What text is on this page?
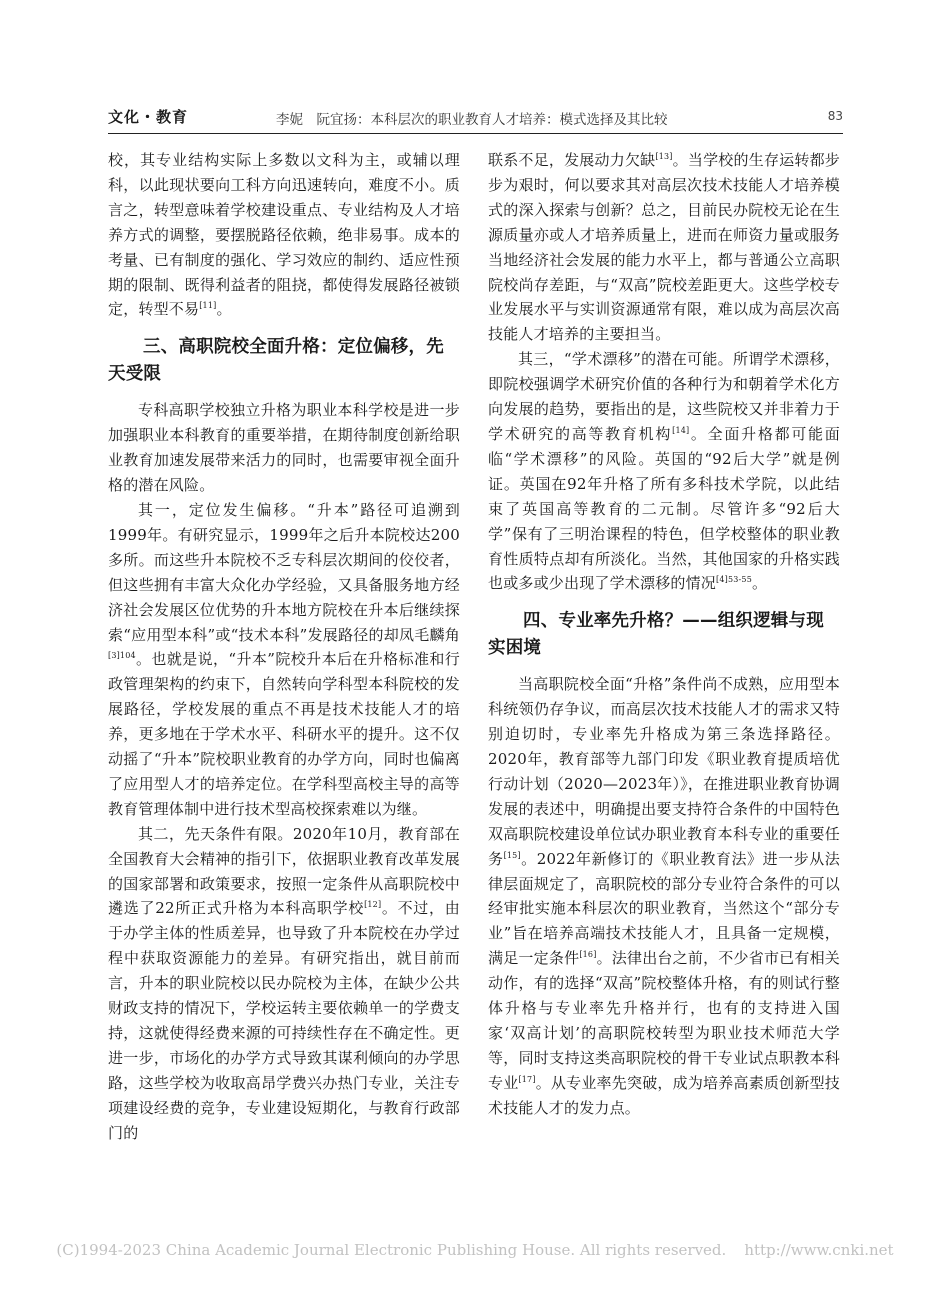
文化・教育	李妮　阮宜扬：本科层次的职业教育人才培养：模式选择及其比较	83

校，其专业结构实际上多数以文科为主，或辅以理科，以此现状要向工科方向迅速转向，难度不小。质言之，转型意味着学校建设重点、专业结构及人才培养方式的调整，要摆脱路径依赖，绝非易事。成本的考量、已有制度的强化、学习效应的制约、适应性预期的限制、既得利益者的阻挠，都使得发展路径被锁定，转型不易[11]。

三、高职院校全面升格：定位偏移，先天受限

专科高职学校独立升格为职业本科学校是进一步加强职业本科教育的重要举措，在期待制度创新给职业教育加速发展带来活力的同时，也需要审视全面升格的潜在风险。

其一，定位发生偏移。“升本”路径可追溯到1999年。有研究显示，1999年之后升本院校达200多所。而这些升本院校不乏专科层次期间的佼佼者，但这些拥有丰富大众化办学经验，又具备服务地方经济社会发展区位优势的升本地方院校在升本后继续探索“应用型本科”或“技术本科”发展路径的却凤毛麟角$^{[3]104}$。也就是说，“升本”院校升本后在升格标准和行政管理架构的约束下，自然转向学科型本科院校的发展路径，学校发展的重点不再是技术技能人才的培养，更多地在于学术水平、科研水平的提升。这不仅动摇了“升本”院校职业教育的办学方向，同时也偏离了应用型人才的培养定位。在学科型高校主导的高等教育管理体制中进行技术型高校探索难以为继。

其二，先天条件有限。2020年10月，教育部在全国教育大会精神的指引下，依据职业教育改革发展的国家部署和政策要求，按照一定条件从高职院校中遴选了22所正式升格为本科高职学校[12]。不过，由于办学主体的性质差异，也导致了升本院校在办学过程中获取资源能力的差异。有研究指出，就目前而言，升本的职业院校以民办院校为主体，在缺少公共财政支持的情况下，学校运转主要依赖单一的学费支持，这就使得经费来源的可持续性存在不确定性。更进一步，市场化的办学方式导致其谋利倾向的办学思路，这些学校为收取高昂学费兴办热门专业，关注专项建设经费的竞争，专业建设短期化，与教育行政部门的

联系不足，发展动力欠缺[13]。当学校的生存运转都步步为艰时，何以要求其对高层次技术技能人才培养模式的深入探索与创新？总之，目前民办院校无论在生源质量亦或人才培养质量上，进而在师资力量或服务当地经济社会发展的能力水平上，都与普通公立高职院校尚存差距，与“双高”院校差距更大。这些学校专业发展水平与实训资源通常有限，难以成为高层次高技能人才培养的主要担当。

其三，“学术漂移”的潜在可能。所谓学术漂移，即院校强调学术研究价值的各种行为和朝着学术化方向发展的趋势，要指出的是，这些院校又并非着力于学术研究的高等教育机构[14]。全面升格都可能面临“学术漂移”的风险。英国的“92后大学”就是例证。英国在92年升格了所有多科技术学院，以此结束了英国高等教育的二元制。尽管许多“92后大学”保有了三明治课程的特色，但学校整体的职业教育性质特点却有所淡化。当然，其他国家的升格实践也或多或少出现了学术漂移的情况$^{[4]53-55}$。

四、专业率先升格？——组织逻辑与现实困境

当高职院校全面“升格”条件尚不成熟，应用型本科统领仍存争议，而高层次技术技能人才的需求又特别迫切时，专业率先升格成为第三条选择路径。2020年，教育部等九部门印发《职业教育提质培优行动计划（2020—2023年）》，在推进职业教育协调发展的表述中，明确提出要支持符合条件的中国特色双高职院校建设单位试办职业教育本科专业的重要任务[15]。2022年新修订的《职业教育法》进一步从法律层面规定了，高职院校的部分专业符合条件的可以经审批实施本科层次的职业教育，当然这个“部分专业”旨在培养高端技术技能人才，且具备一定规模，满足一定条件[16]。法律出台之前，不少省市已有相关动作，有的选择“双高”院校整体升格，有的则试行整体升格与专业率先升格并行，也有的支持进入国家‘双高计划’的高职院校转型为职业技术师范大学等，同时支持这类高职院校的骨干专业试点职教本科专业[17]。从专业率先突破，成为培养高素质创新型技术技能人才的发力点。

(C)1994-2023 China Academic Journal Electronic Publishing House. All rights reserved. http://www.cnki.net
